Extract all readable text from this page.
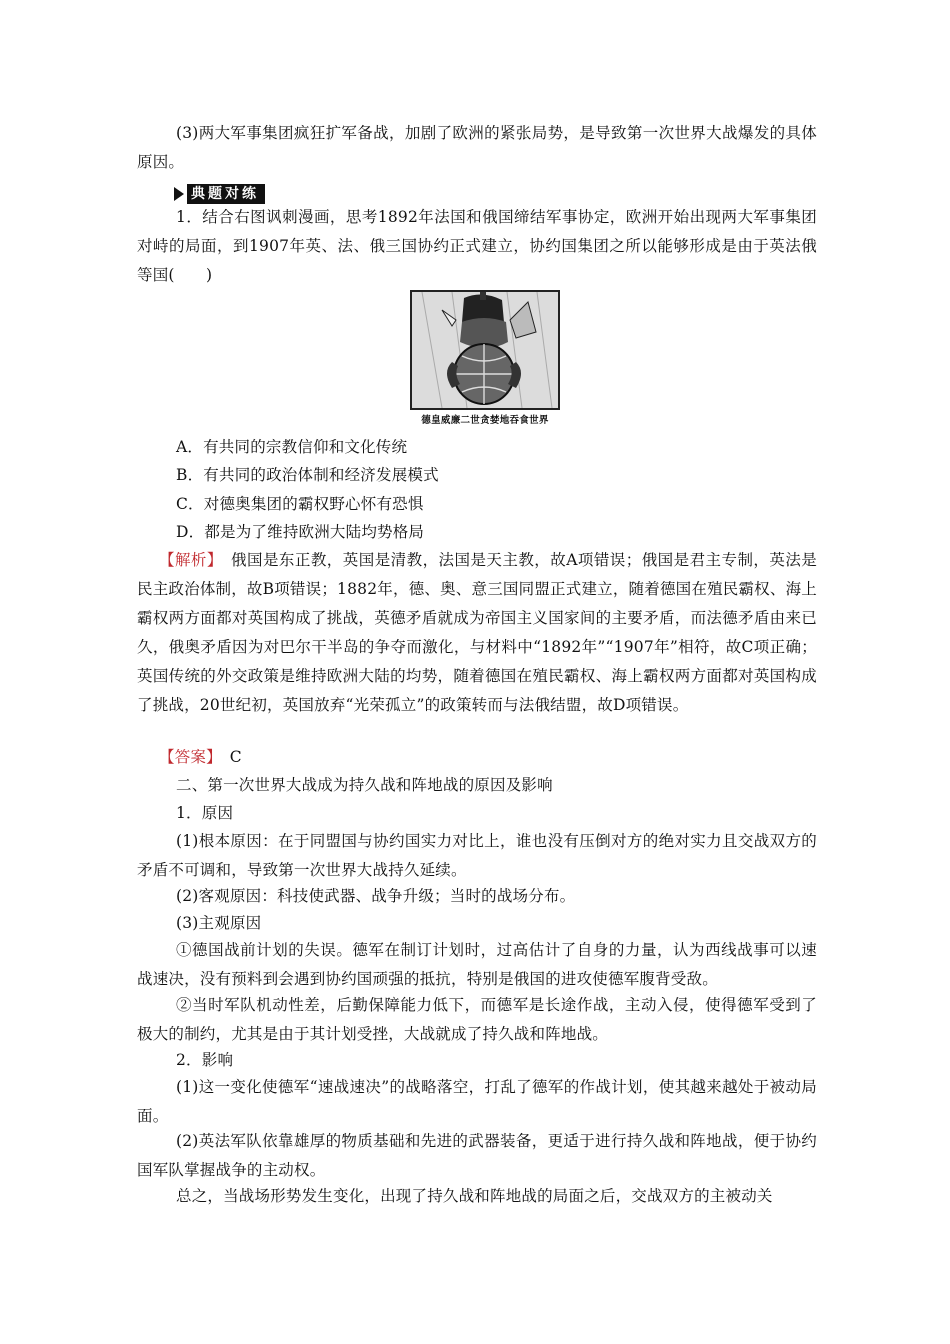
(3)两大军事集团疯狂扩军备战，加剧了欧洲的紧张局势，是导致第一次世界大战爆发的具体原因。

典题对练

1．结合右图讽刺漫画，思考1892年法国和俄国缔结军事协定，欧洲开始出现两大军事集团对峙的局面，到1907年英、法、俄三国协约正式建立，协约国集团之所以能够形成是由于英法俄等国(　　)

德皇威廉二世贪婪地吞食世界

A．有共同的宗教信仰和文化传统

B．有共同的政治体制和经济发展模式

C．对德奥集团的霸权野心怀有恐惧

D．都是为了维持欧洲大陆均势格局

【解析】　俄国是东正教，英国是清教，法国是天主教，故A项错误；俄国是君主专制，英法是民主政治体制，故B项错误；1882年，德、奥、意三国同盟正式建立，随着德国在殖民霸权、海上霸权两方面都对英国构成了挑战，英德矛盾就成为帝国主义国家间的主要矛盾，而法德矛盾由来已久，俄奥矛盾因为对巴尔干半岛的争夺而激化，与材料中“1892年”“1907年”相符，故C项正确；英国传统的外交政策是维持欧洲大陆的均势，随着德国在殖民霸权、海上霸权两方面都对英国构成了挑战，20世纪初，英国放弃“光荣孤立”的政策转而与法俄结盟，故D项错误。

【答案】　C

二、第一次世界大战成为持久战和阵地战的原因及影响

1．原因

(1)根本原因：在于同盟国与协约国实力对比上，谁也没有压倒对方的绝对实力且交战双方的矛盾不可调和，导致第一次世界大战持久延续。

(2)客观原因：科技使武器、战争升级；当时的战场分布。

(3)主观原因

①德国战前计划的失误。德军在制订计划时，过高估计了自身的力量，认为西线战事可以速战速决，没有预料到会遇到协约国顽强的抵抗，特别是俄国的进攻使德军腹背受敌。

②当时军队机动性差，后勤保障能力低下，而德军是长途作战，主动入侵，使得德军受到了极大的制约，尤其是由于其计划受挫，大战就成了持久战和阵地战。

2．影响

(1)这一变化使德军“速战速决”的战略落空，打乱了德军的作战计划，使其越来越处于被动局面。

(2)英法军队依靠雄厚的物质基础和先进的武器装备，更适于进行持久战和阵地战，便于协约国军队掌握战争的主动权。

总之，当战场形势发生变化，出现了持久战和阵地战的局面之后，交战双方的主被动关
